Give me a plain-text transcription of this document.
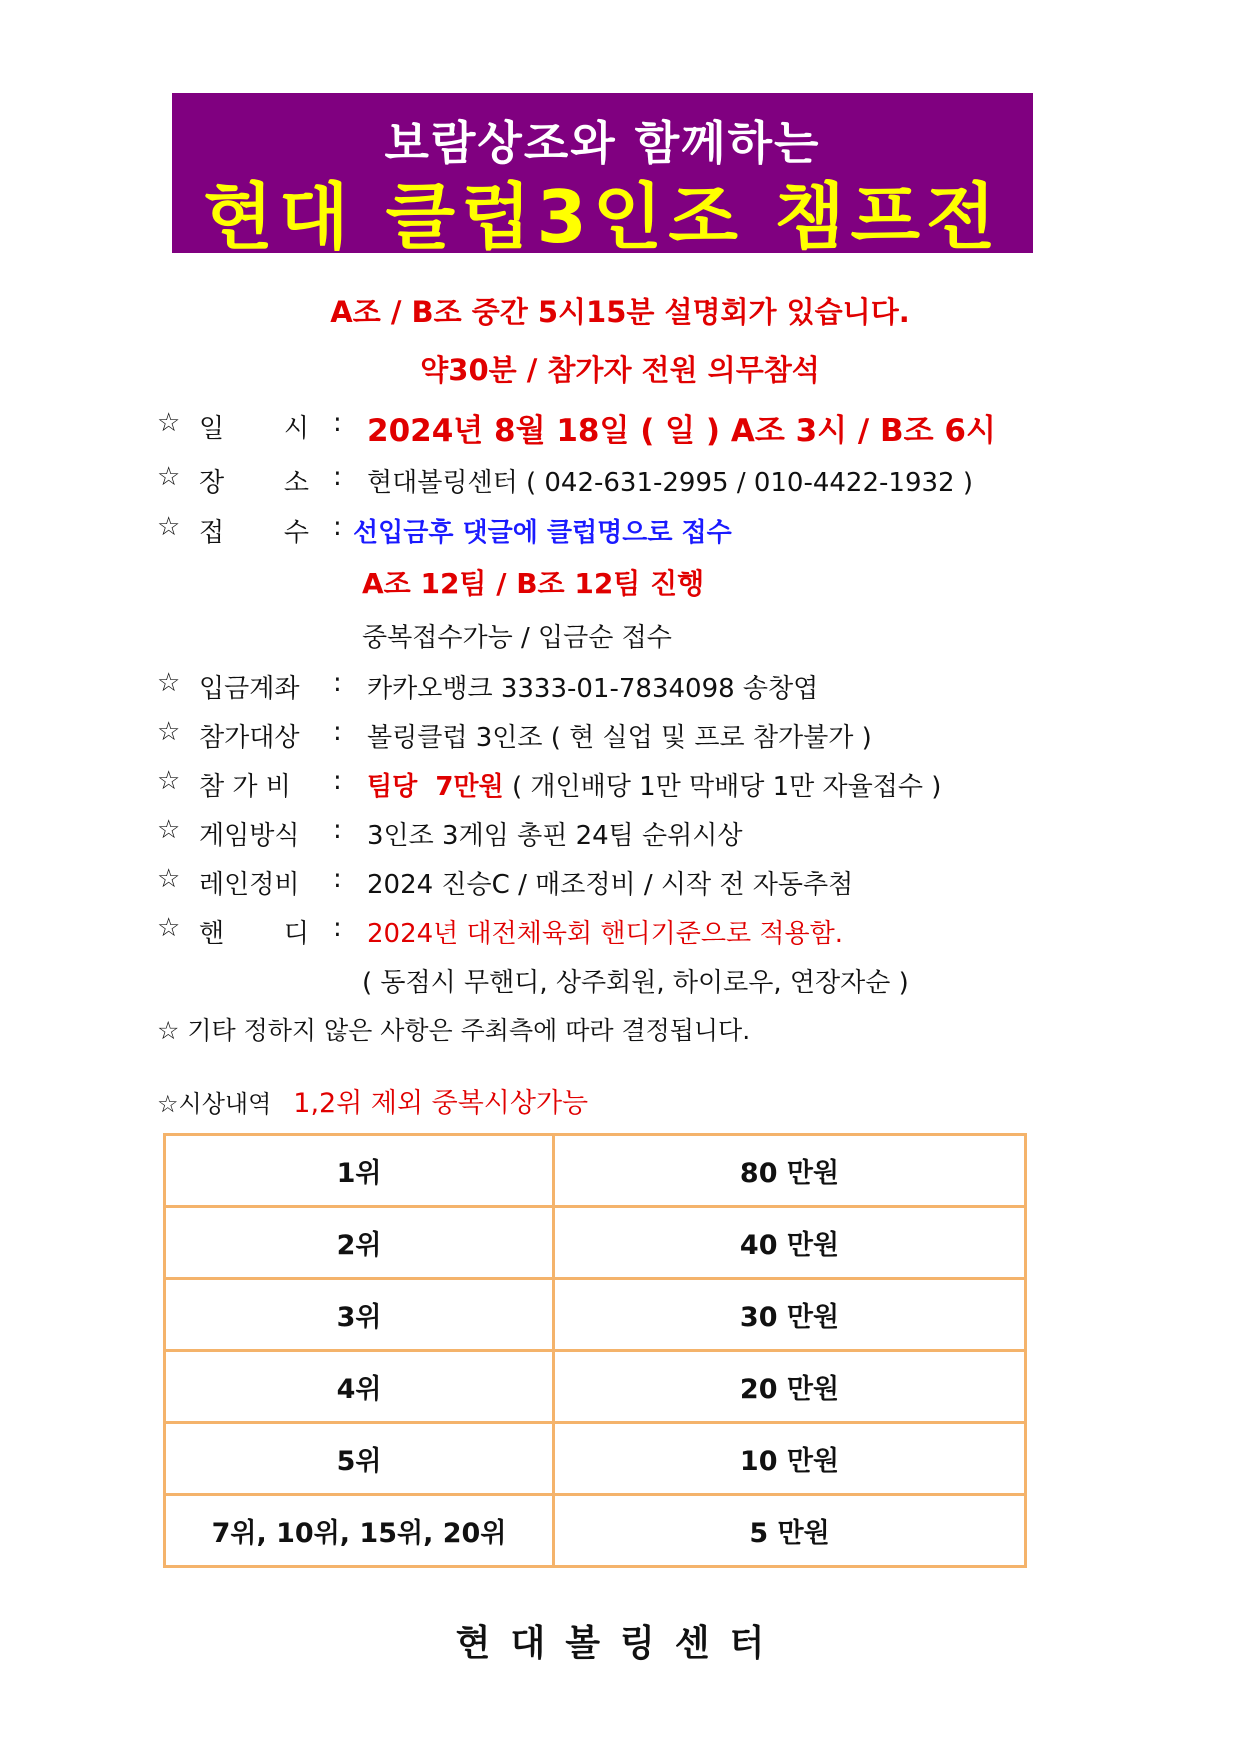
보람상조와 함께하는
현대 클럽3인조 챔프전
A조 / B조 중간 5시15분 설명회가 있습니다.
약30분 / 참가자 전원 의무참석
☆ 일 시 : 2024년 8월 18일 ( 일 ) A조 3시 / B조 6시
☆ 장 소 : 현대볼링센터 ( 042-631-2995 / 010-4422-1932 )
☆ 접 수 : 선입금후 댓글에 클럽명으로 접수
A조 12팀 / B조 12팀 진행
중복접수가능 / 입금순 접수
☆ 입금계좌	: 카카오뱅크 3333-01-7834098 송창엽
☆ 참가대상	: 볼링클럽 3인조 ( 현 실업 및 프로 참가불가 )
☆ 참 가 비	: 팀당  7만원 ( 개인배당 1만 막배당 1만 자율접수 )
☆ 게임방식	: 3인조 3게임 총핀 24팀 순위시상
☆ 레인정비	: 2024 진승C / 매조정비 / 시작 전 자동추첨
☆ 핸 디 : 2024년 대전체육회 핸디기준으로 적용함.
( 동점시 무핸디, 상주회원, 하이로우, 연장자순 )
☆ 기타 정하지 않은 사항은 주최측에 따라 결정됩니다.
☆시상내역 1,2위 제외 중복시상가능
1위	80 만원
2위	40 만원
3위	30 만원
4위	20 만원
5위	10 만원
7위, 10위, 15위, 20위	5 만원
현대볼링센터
